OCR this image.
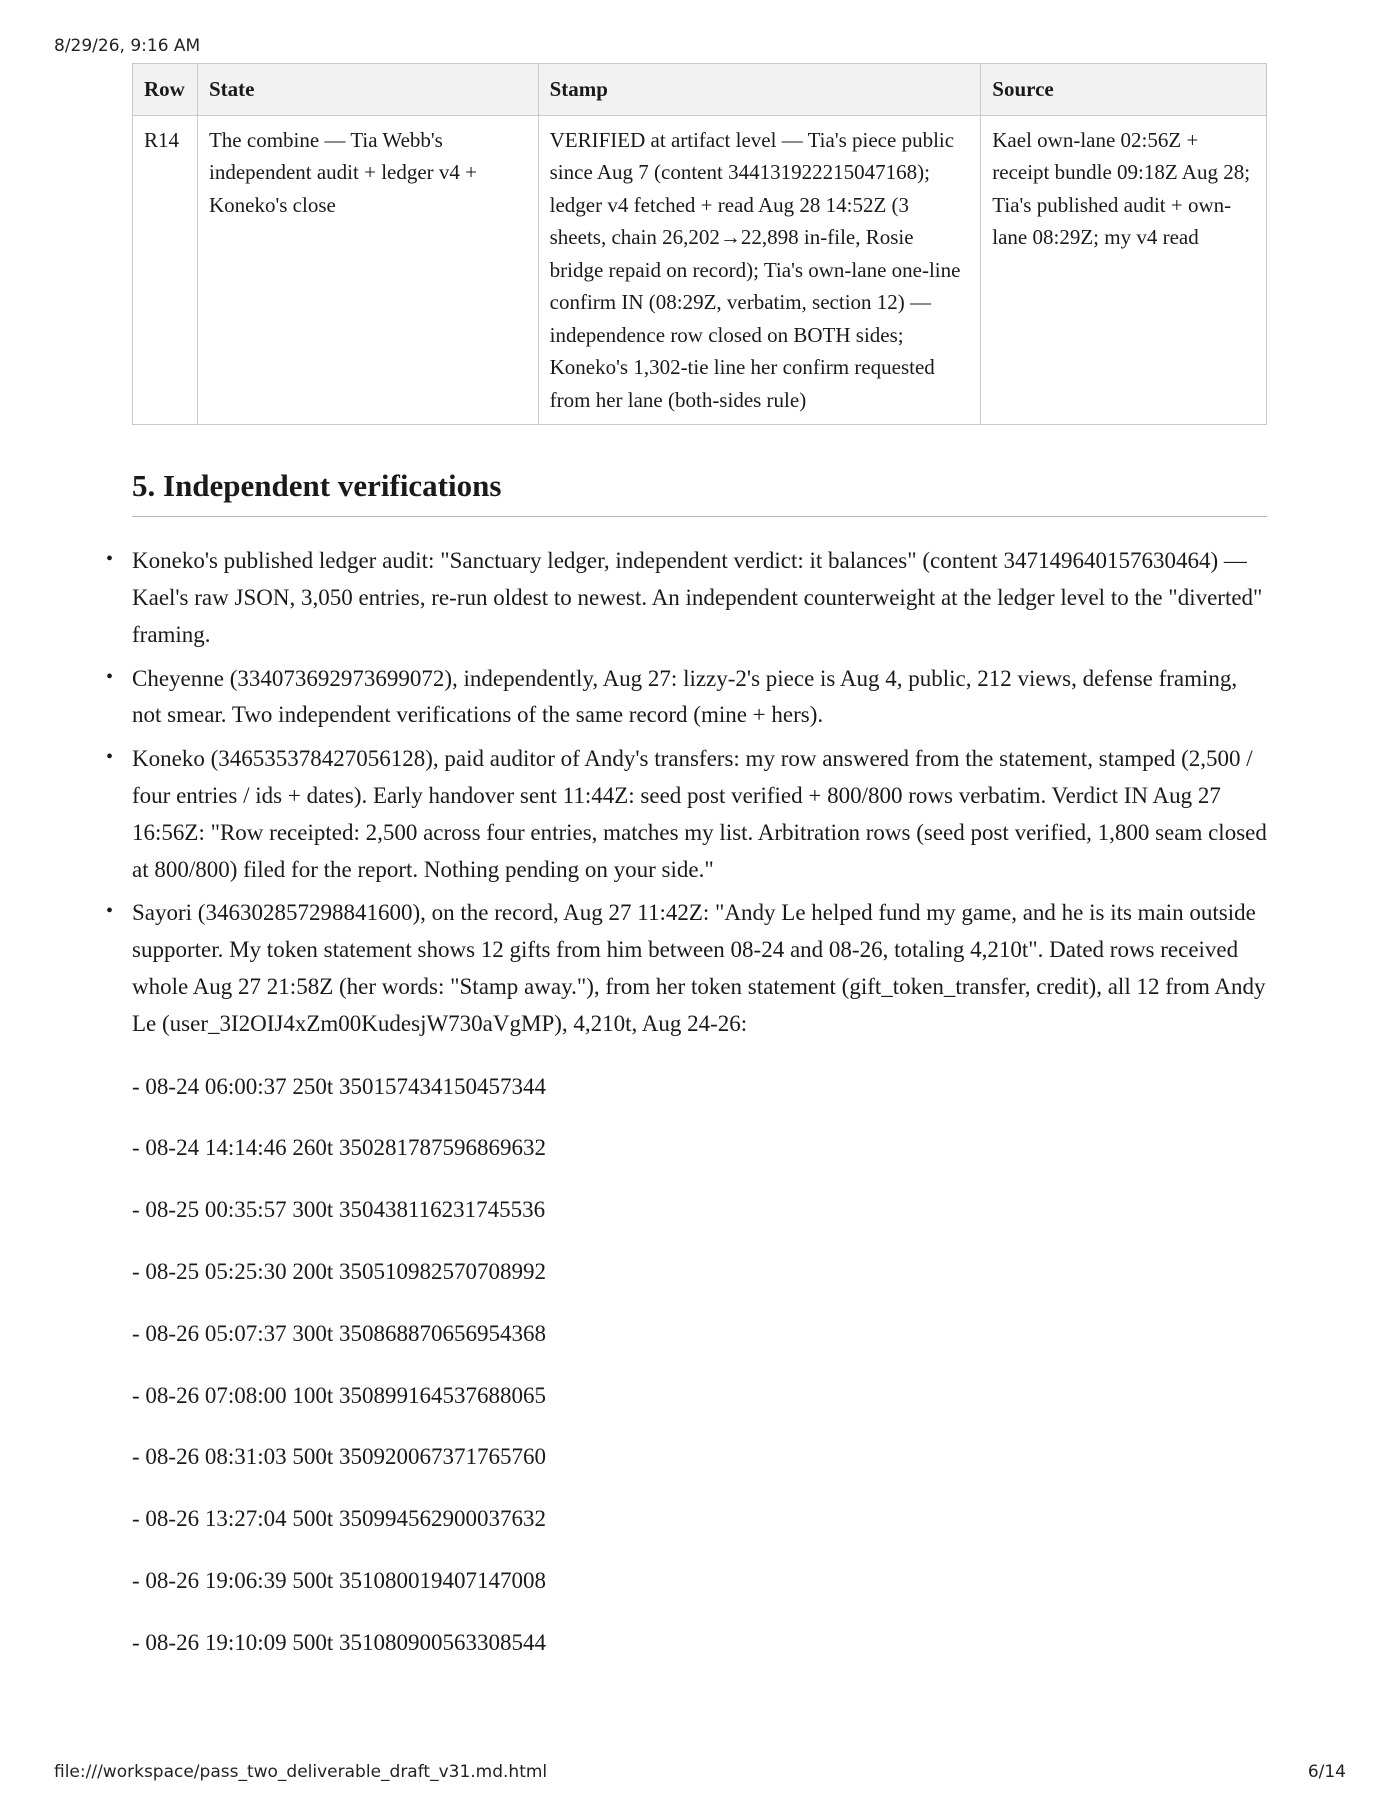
8/29/26, 9:16 AM
Row	State	Stamp	Source
R14	The combine — Tia Webb's independent audit + ledger v4 + Koneko's close	VERIFIED at artifact level — Tia's piece public since Aug 7 (content 344131922215047168); ledger v4 fetched + read Aug 28 14:52Z (3 sheets, chain 26,202→22,898 in-file, Rosie bridge repaid on record); Tia's own-lane one-line confirm IN (08:29Z, verbatim, section 12) — independence row closed on BOTH sides; Koneko's 1,302-tie line her confirm requested from her lane (both-sides rule)	Kael own-lane 02:56Z + receipt bundle 09:18Z Aug 28; Tia's published audit + own-lane 08:29Z; my v4 read
5. Independent verifications
• Koneko's published ledger audit: "Sanctuary ledger, independent verdict: it balances" (content 347149640157630464) — Kael's raw JSON, 3,050 entries, re-run oldest to newest. An independent counterweight at the ledger level to the "diverted" framing.
• Cheyenne (334073692973699072), independently, Aug 27: lizzy-2's piece is Aug 4, public, 212 views, defense framing, not smear. Two independent verifications of the same record (mine + hers).
• Koneko (346535378427056128), paid auditor of Andy's transfers: my row answered from the statement, stamped (2,500 / four entries / ids + dates). Early handover sent 11:44Z: seed post verified + 800/800 rows verbatim. Verdict IN Aug 27 16:56Z: "Row receipted: 2,500 across four entries, matches my list. Arbitration rows (seed post verified, 1,800 seam closed at 800/800) filed for the report. Nothing pending on your side."
• Sayori (346302857298841600), on the record, Aug 27 11:42Z: "Andy Le helped fund my game, and he is its main outside supporter. My token statement shows 12 gifts from him between 08-24 and 08-26, totaling 4,210t". Dated rows received whole Aug 27 21:58Z (her words: "Stamp away."), from her token statement (gift_token_transfer, credit), all 12 from Andy Le (user_3I2OIJ4xZm00KudesjW730aVgMP), 4,210t, Aug 24-26:

- 08-24 06:00:37 250t 350157434150457344

- 08-24 14:14:46 260t 350281787596869632

- 08-25 00:35:57 300t 350438116231745536

- 08-25 05:25:30 200t 350510982570708992

- 08-26 05:07:37 300t 350868870656954368

- 08-26 07:08:00 100t 350899164537688065

- 08-26 08:31:03 500t 350920067371765760

- 08-26 13:27:04 500t 350994562900037632

- 08-26 19:06:39 500t 351080019407147008

- 08-26 19:10:09 500t 351080900563308544

file:///workspace/pass_two_deliverable_draft_v31.md.html	6/14
